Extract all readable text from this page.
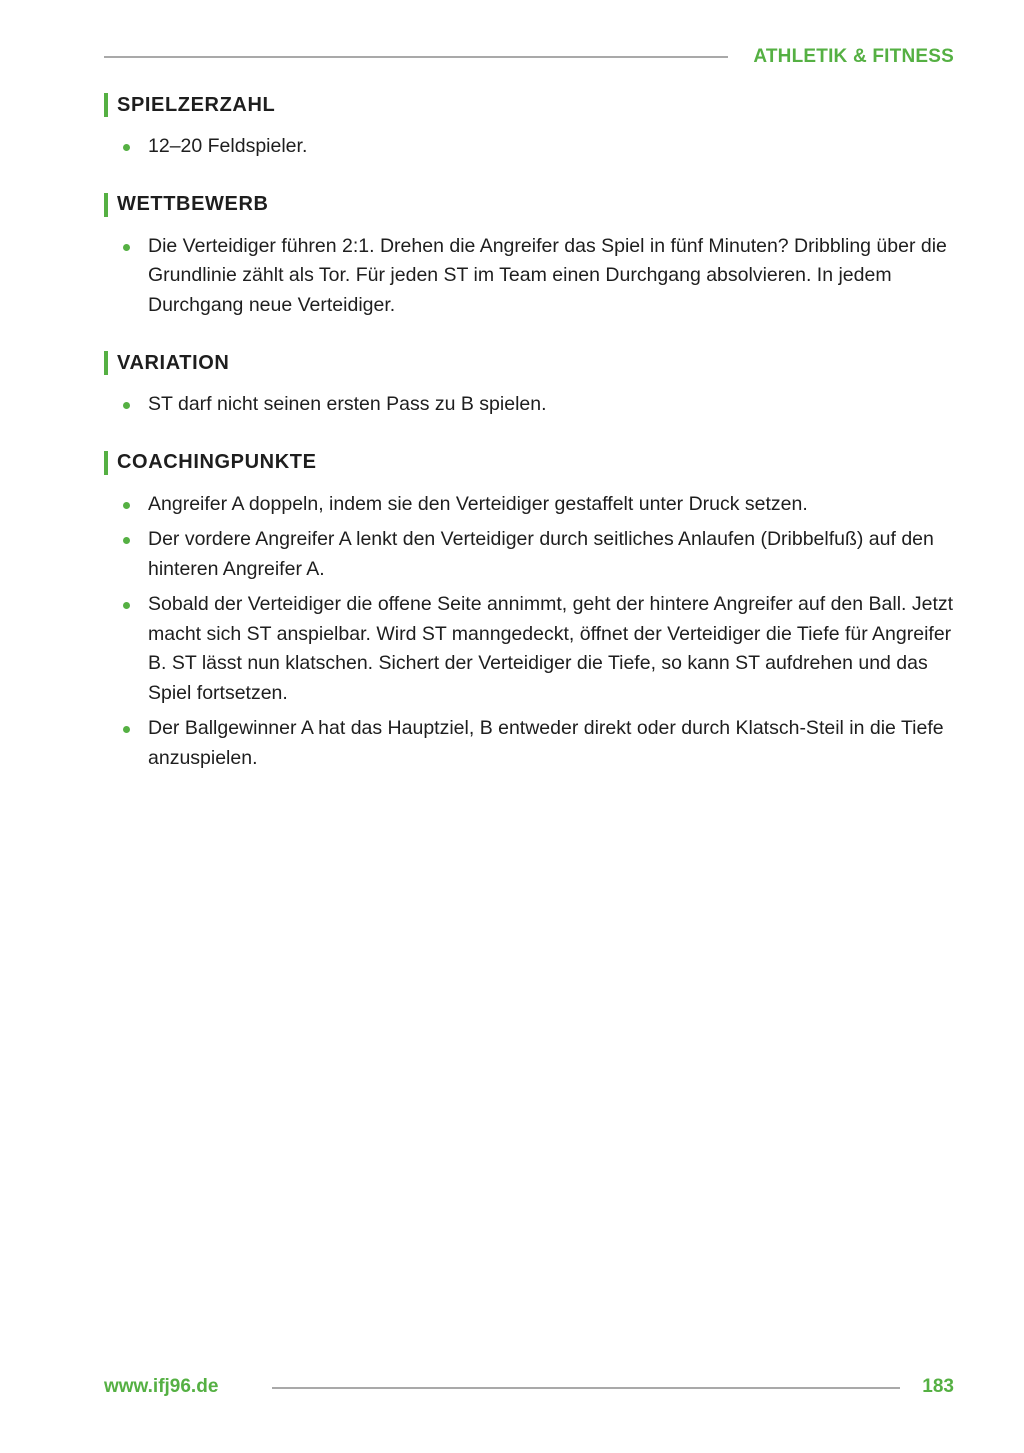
ATHLETIK & FITNESS
SPIELZERZAHL
12–20 Feldspieler.
WETTBEWERB
Die Verteidiger führen 2:1. Drehen die Angreifer das Spiel in fünf Minuten? Dribbling über die Grundlinie zählt als Tor. Für jeden ST im Team einen Durchgang absolvieren. In jedem Durchgang neue Verteidiger.
VARIATION
ST darf nicht seinen ersten Pass zu B spielen.
COACHINGPUNKTE
Angreifer A doppeln, indem sie den Verteidiger gestaffelt unter Druck setzen.
Der vordere Angreifer A lenkt den Verteidiger durch seitliches Anlaufen (Dribbelfuß) auf den hinteren Angreifer A.
Sobald der Verteidiger die offene Seite annimmt, geht der hintere Angreifer auf den Ball. Jetzt macht sich ST anspielbar. Wird ST manngedeckt, öffnet der Verteidiger die Tiefe für Angreifer B. ST lässt nun klatschen. Sichert der Verteidiger die Tiefe, so kann ST aufdrehen und das Spiel fortsetzen.
Der Ballgewinner A hat das Hauptziel, B entweder direkt oder durch Klatsch-Steil in die Tiefe anzuspielen.
www.ifj96.de	183
